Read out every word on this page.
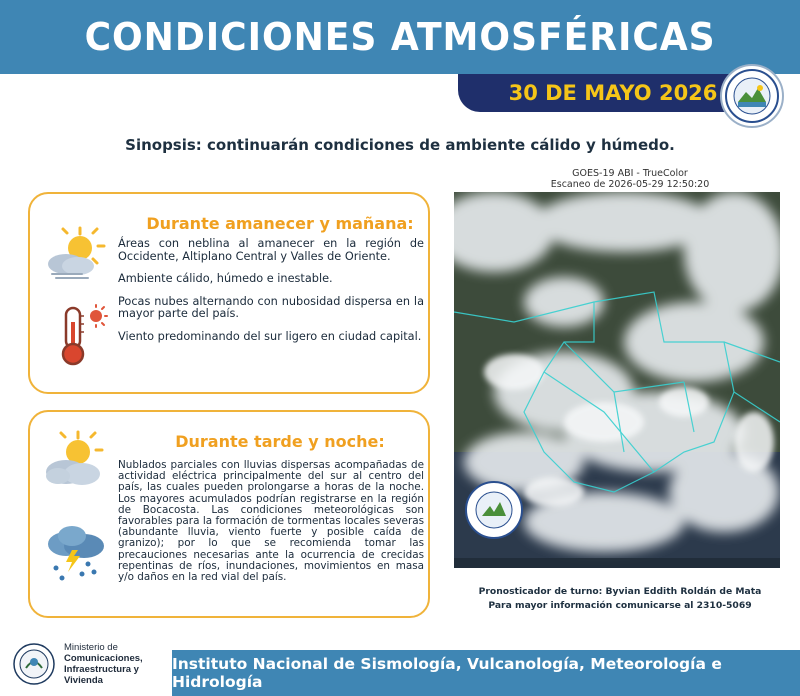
CONDICIONES ATMOSFÉRICAS
30 DE MAYO 2026
Sinopsis: continuarán condiciones de ambiente cálido y húmedo.
Durante amanecer y mañana:

Áreas con neblina al amanecer en la región de Occidente, Altiplano Central y Valles de Oriente.

Ambiente cálido, húmedo e inestable.

Pocas nubes alternando con nubosidad dispersa en la mayor parte del país.

Viento predominando del sur ligero en ciudad capital.

Durante tarde y noche:
Nublados parciales con lluvias dispersas acompañadas de actividad eléctrica principalmente del sur al centro del país, las cuales pueden prolongarse a horas de la noche. Los mayores acumulados podrían registrarse en la región de Bocacosta. Las condiciones meteorológicas son favorables para la formación de tormentas locales severas (abundante lluvia, viento fuerte y posible caída de granizo); por lo que se recomienda tomar las precauciones necesarias ante la ocurrencia de crecidas repentinas de ríos, inundaciones, movimientos en masa y/o daños en la red vial del país.
GOES-19 ABI - TrueColor
Escaneo de 2026-05-29 12:50:20
Pronosticador de turno: Byvian Eddith Roldán de Mata
Para mayor información comunicarse al 2310-5069
Ministerio de
Comunicaciones,
Infraestructura y
Vivienda
Instituto Nacional de Sismología, Vulcanología, Meteorología e Hidrología
